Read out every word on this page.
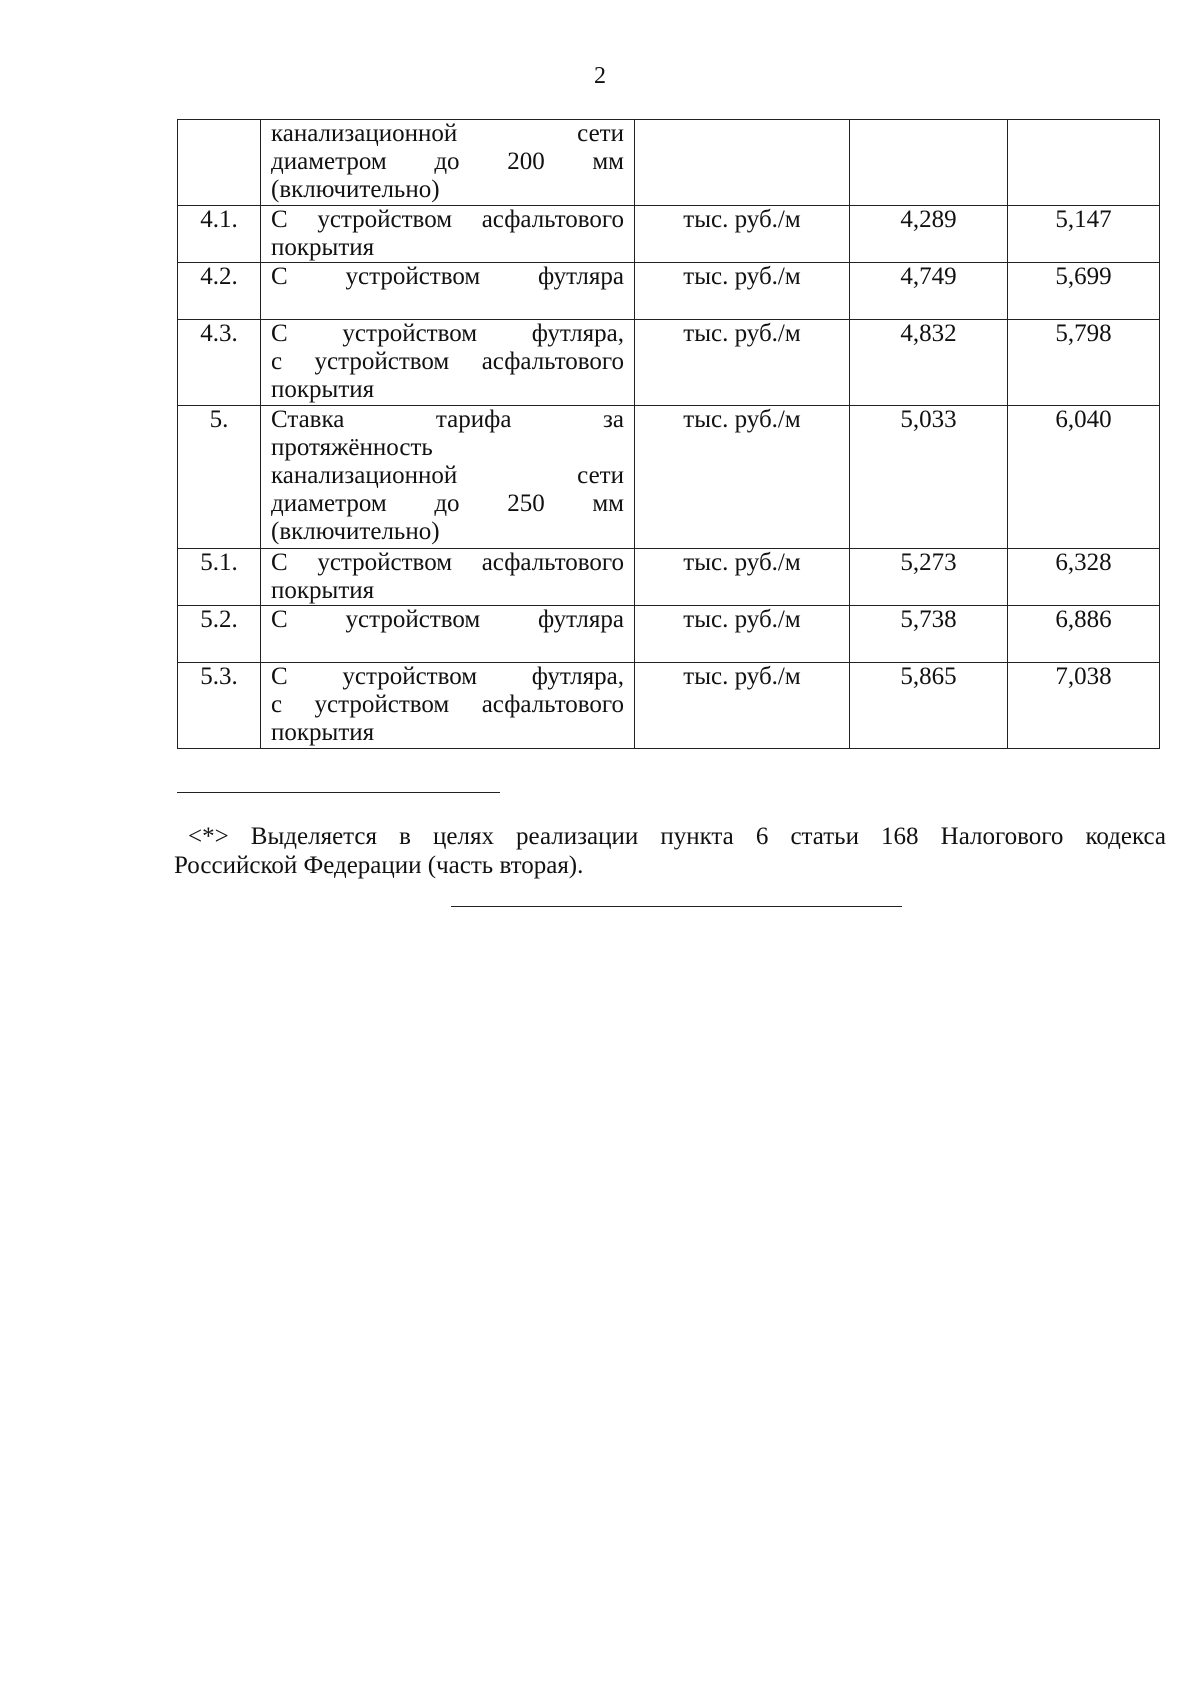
2

	канализационной сети
диаметром до 200 мм
(включительно)			

4.1.	С устройством асфальтового
покрытия	тыс. руб./м	4,289	5,147
4.2.	С устройством футляра	тыс. руб./м	4,749	5,699
4.3.	С устройством футляра,
с устройством асфальтового
покрытия	тыс. руб./м	4,832	5,798
5.	Ставка тарифа за
протяжённость
канализационной сети
диаметром до 250 мм
(включительно)	тыс. руб./м	5,033	6,040
5.1.	С устройством асфальтового
покрытия	тыс. руб./м	5,273	6,328
5.2.	С устройством футляра	тыс. руб./м	5,738	6,886
5.3.	С устройством футляра,
с устройством асфальтового
покрытия	тыс. руб./м	5,865	7,038
<*> Выделяется в целях реализации пункта 6 статьи 168 Налогового кодекса
Российской Федерации (часть вторая).
